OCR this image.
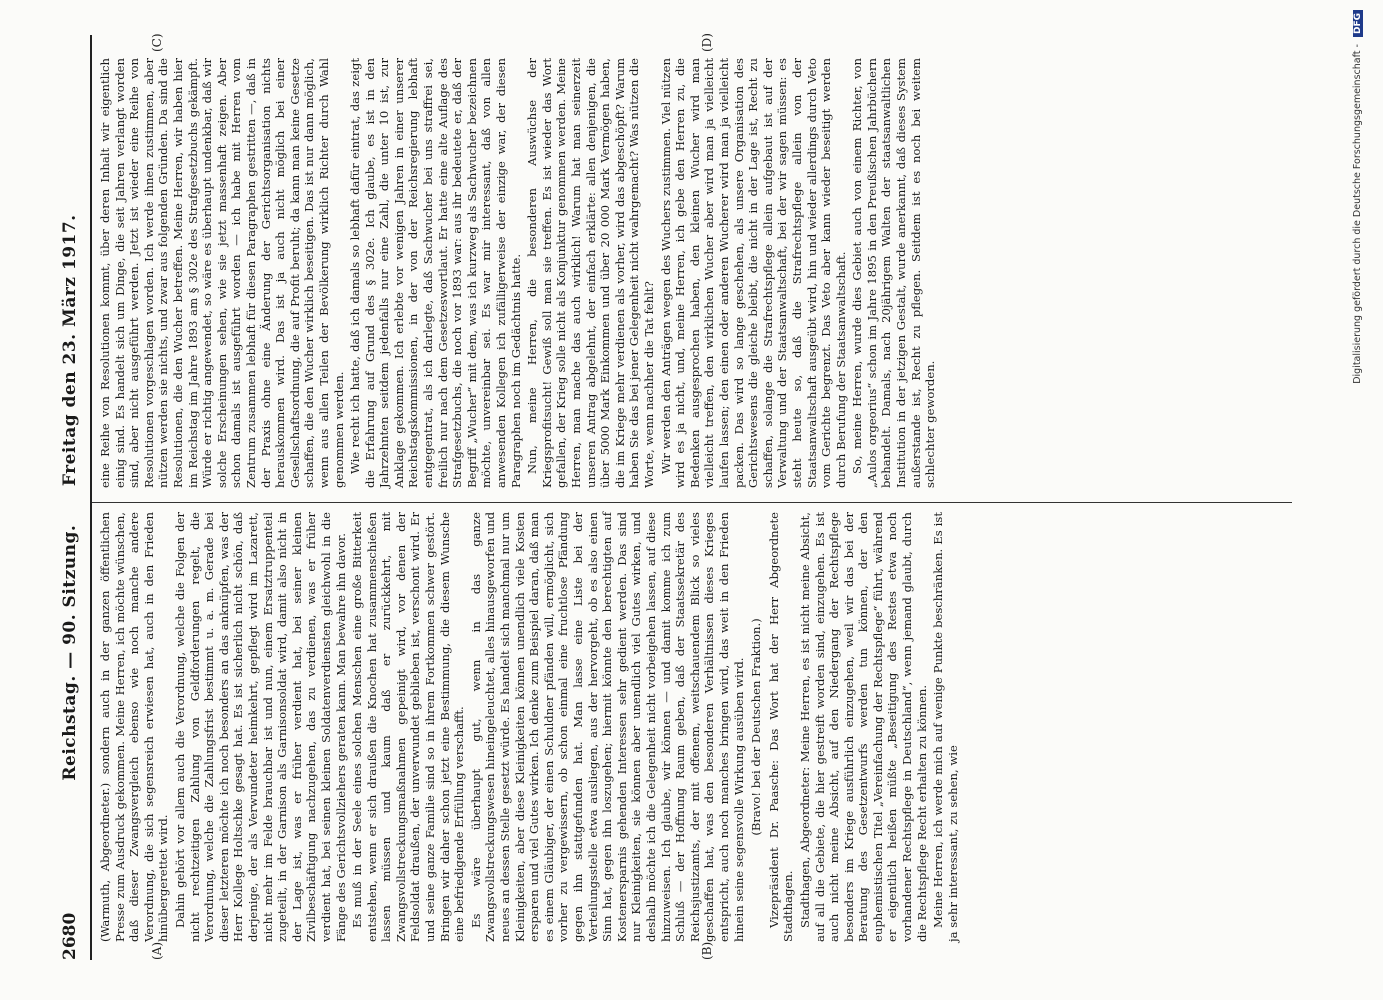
2680
Reichstag. — 90. Sitzung.      Freitag den 23. März 1917.
(A)	(B)
(C)	(D)

(Warmuth, Abgeordneter.) sondern auch in der ganzen öffentlichen Presse zum Ausdruck gekommen. Meine Herren, ich möchte wünschen, daß dieser Zwangsvergleich ebenso wie noch manche andere Verordnung, die sich segensreich erwiesen hat, auch in den Frieden hinübergerettet wird. Dahin gehört vor allem auch die Verordnung, welche die Folgen der nicht rechtzeitigen Zahlung von Geldforderungen regelt, die Verordnung, welche die Zahlungsfrist bestimmt u. a. m. Gerade bei dieser letzteren möchte ich noch besonders an das anknüpfen, was der Herr Kollege Holtschke gesagt hat. Es ist sicherlich nicht schön, daß derjenige, der als Verwundeter heimkehrt, gepflegt wird im Lazarett, nicht mehr im Felde brauchbar ist und nun, einem Ersatztruppenteil zugeteilt, in der Garnison als Garnisonsoldat wird, damit also nicht in der Lage ist, was er früher verdient hat, bei seiner kleinen Zivilbeschäftigung nachzugehen, das zu verdienen, was er früher verdient hat, bei seinen kleinen Soldatenverdiensten gleichwohl in die Fänge des Gerichtsvollziehers geraten kann. Man bewahre ihn davor. Es muß in der Seele eines solchen Menschen eine große Bitterkeit entstehen, wenn er sich draußen die Knochen hat zusammenschießen lassen müssen und kaum daß er zurückkehrt, mit Zwangsvollstreckungsmaßnahmen gepeinigt wird, vor denen der Feldsoldat draußen, der unverwundet geblieben ist, verschont wird. Er und seine ganze Familie sind so in ihrem Fortkommen schwer gestört. Bringen wir daher schon jetzt eine Bestimmung, die diesem Wunsche eine befriedigende Erfüllung verschafft. Es wäre überhaupt gut, wenn in das ganze Zwangsvollstreckungswesen hineingeleuchtet, alles hinausgeworfen und neues an dessen Stelle gesetzt würde. Es handelt sich manchmal nur um Kleinigkeiten, aber diese Kleinigkeiten können unendlich viele Kosten ersparen und viel Gutes wirken. Ich denke zum Beispiel daran, daß man es einem Gläubiger, der einen Schuldner pfänden will, ermöglicht, sich vorher zu vergewissern, ob schon einmal eine fruchtlose Pfändung gegen ihn stattgefunden hat. Man lasse eine Liste bei der Verteilungsstelle etwa ausliegen, aus der hervorgeht, ob es also einen Sinn hat, gegen ihn loszugehen; hiermit könnte den berechtigten auf Kostenersparnis gehenden Interessen sehr gedient werden. Das sind nur Kleinigkeiten, sie können aber unendlich viel Gutes wirken, und deshalb möchte ich die Gelegenheit nicht vorbeigehen lassen, auf diese hinzuweisen. Ich glaube, wir können — und damit komme ich zum Schluß — der Hoffnung Raum geben, daß der Staatssekretär des Reichsjustizamts, der mit offenem, weitschauendem Blick so vieles geschaffen hat, was den besonderen Verhältnissen dieses Krieges entspricht, auch noch manches bringen wird, das weit in den Frieden hinein seine segensvolle Wirkung ausüben wird. (Bravo! bei der Deutschen Fraktion.) Vizepräsident Dr. Paasche: Das Wort hat der Herr Abgeordnete Stadthagen. Stadthagen, Abgeordneter: Meine Herren, es ist nicht meine Absicht, auf all die Gebiete, die hier gestreift worden sind, einzugehen. Es ist auch nicht meine Absicht, auf den Niedergang der Rechtspflege besonders im Kriege ausführlich einzugehen, weil wir das bei der Beratung des Gesetzentwurfs werden tun können, der den euphemistischen Titel „Vereinfachung der Rechtspflege“ führt, während er eigentlich heißen müßte „Beseitigung des Restes etwa noch vorhandener Rechtspflege in Deutschland“, wenn jemand glaubt, durch die Rechtspflege Recht erhalten zu können. Meine Herren, ich werde mich auf wenige Punkte beschränken. Es ist ja sehr interessant, zu sehen, wie

eine Reihe von Resolutionen kommt, über deren Inhalt wir eigentlich einig sind. Es handelt sich um Dinge, die seit Jahren verlangt worden sind, aber nicht ausgeführt werden. Jetzt ist wieder eine Reihe von Resolutionen vorgeschlagen worden. Ich werde ihnen zustimmen, aber nützen werden sie nichts, und zwar aus folgenden Gründen. Da sind die Resolutionen, die den Wucher betreffen. Meine Herren, wir haben hier im Reichstag im Jahre 1893 am § 302e des Strafgesetzbuchs gekämpft. Würde er richtig angewendet, so wäre es überhaupt undenkbar, daß wir solche Erscheinungen sehen, wie sie jetzt massenhaft zeigen. Aber schon damals ist ausgeführt worden — ich habe mit Herren vom Zentrum zusammen lebhaft für diesen Paragraphen gestritten —, daß in der Praxis ohne eine Änderung der Gerichtsorganisation nichts herauskommen wird. Das ist ja auch nicht möglich bei einer Gesellschaftsordnung, die auf Profit beruht; da kann man keine Gesetze schaffen, die den Wucher wirklich beseitigen. Das ist nur dann möglich, wenn aus allen Teilen der Bevölkerung wirklich Richter durch Wahl genommen werden. Wie recht ich hatte, daß ich damals so lebhaft dafür eintrat, das zeigt die Erfahrung auf Grund des § 302e. Ich glaube, es ist in den Jahrzehnten seitdem jedenfalls nur eine Zahl, die unter 10 ist, zur Anklage gekommen. Ich erlebte vor wenigen Jahren in einer unserer Reichstagskommissionen, in der von der Reichsregierung lebhaft entgegentrat, als ich darlegte, daß Sachwucher bei uns straffrei sei, freilich nur nach dem Gesetzeswortlaut. Er hatte eine alte Auflage des Strafgesetzbuchs, die noch vor 1893 war: aus ihr bedeutete er, daß der Begriff „Wucher“ mit dem, was ich kurzweg als Sachwucher bezeichnen möchte, unvereinbar sei. Es war mir interessant, daß von allen anwesenden Kollegen ich zufälligerweise der einzige war, der diesen Paragraphen noch im Gedächtnis hatte. Nun, meine Herren, die besonderen Auswüchse der Kriegsprofitsucht! Gewiß soll man sie treffen. Es ist wieder das Wort gefallen, der Krieg solle nicht als Konjunktur genommen werden. Meine Herren, man mache das auch wirklich! Warum hat man seinerzeit unseren Antrag abgelehnt, der einfach erklärte: allen denjenigen, die über 5000 Mark Einkommen und über 20 000 Mark Vermögen haben, die im Kriege mehr verdienen als vorher, wird das abgeschöpft? Warum haben Sie das bei jener Gelegenheit nicht wahrgemacht? Was nützen die Worte, wenn nachher die Tat fehlt? Wir werden den Anträgen wegen des Wuchers zustimmen. Viel nützen wird es ja nicht, und, meine Herren, ich gebe den Herren zu, die Bedenken ausgesprochen haben, den kleinen Wucher wird man vielleicht treffen, den wirklichen Wucher aber wird man ja vielleicht laufen lassen; den einen oder anderen Wucherer wird man ja vielleicht packen. Das wird so lange geschehen, als unsere Organisation des Gerichtswesens die gleiche bleibt, die nicht in der Lage ist, Recht zu schaffen, solange die Strafrechtspflege allein aufgebaut ist auf der Verwaltung und der Staatsanwaltschaft, bei der wir sagen müssen: es steht heute so, daß die Strafrechtspflege allein von der Staatsanwaltschaft ausgeübt wird, hin und wieder allerdings durch Veto vom Gerichte begrenzt. Das Veto aber kann wieder beseitigt werden durch Berufung der Staatsanwaltschaft. So, meine Herren, wurde dies Gebiet auch von einem Richter, von „Aulos orgeorius“ schon im Jahre 1895 in den Preußischen Jahrbüchern behandelt. Damals, nach 20jährigem Walten der staatsanwaltlichen Institution in der jetzigen Gestalt, wurde anerkannt, daß dieses System außerstande ist, Recht zu pflegen. Seitdem ist es noch bei weitem schlechter geworden.

Digitalisierung gefördert durch die Deutsche Forschungsgemeinschaft - DFG
